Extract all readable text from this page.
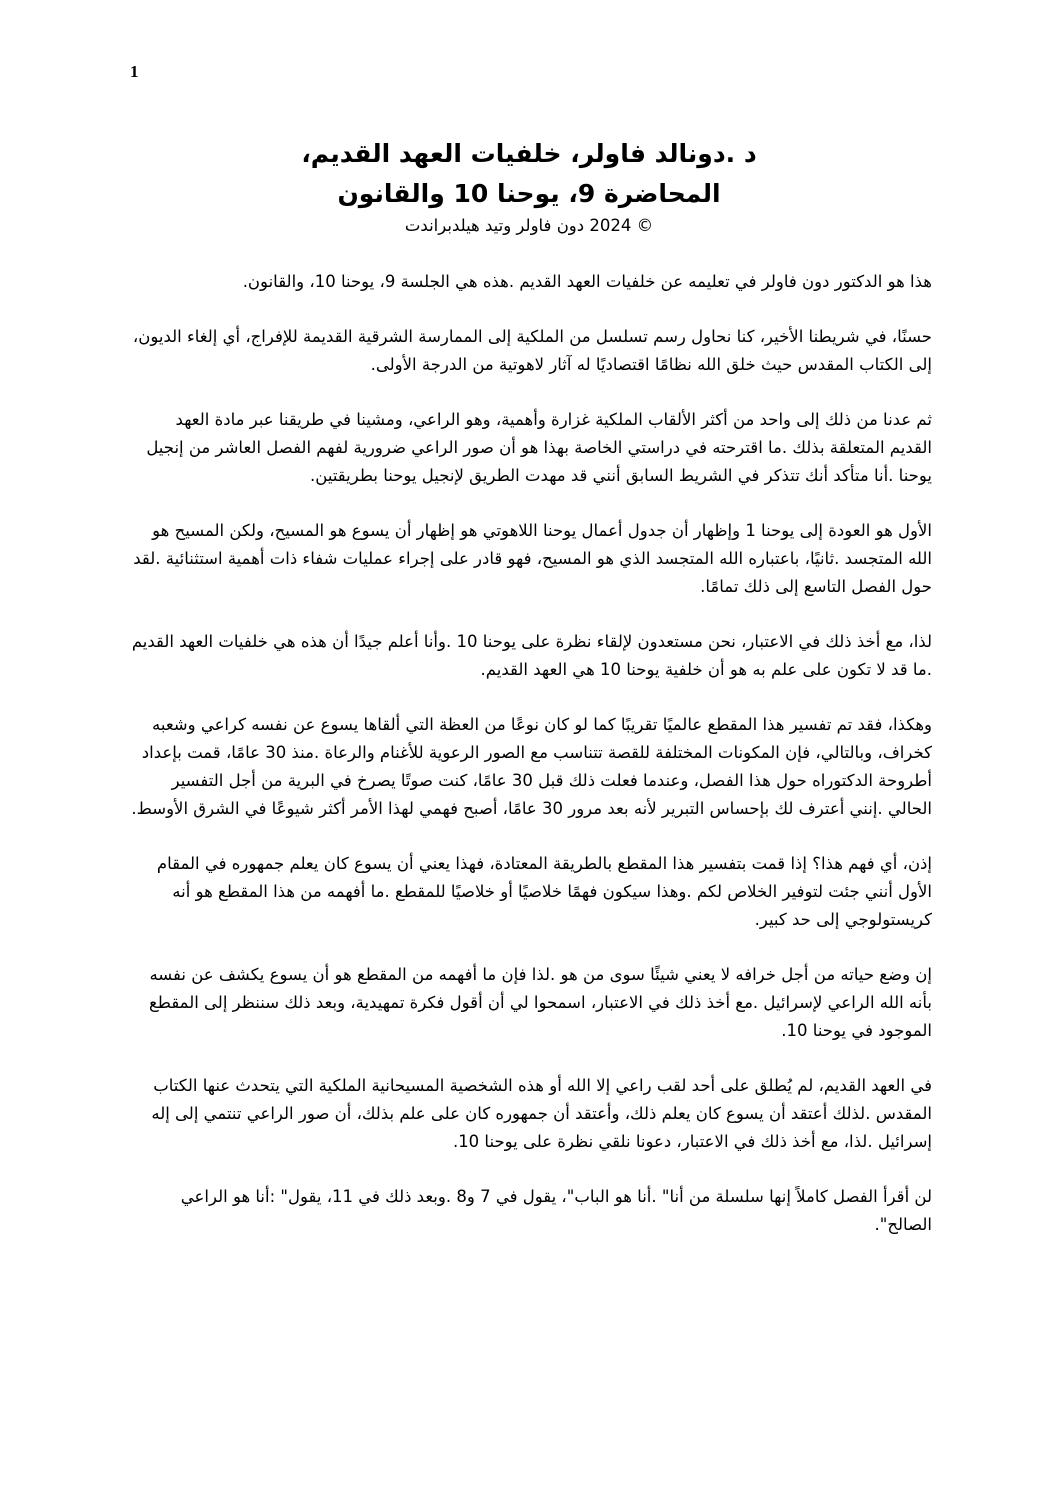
1

د .دونالد فاولر، خلفيات العهد القديم،

المحاضرة 9، يوحنا 10 والقانون

© 2024 دون فاولر وتيد هيلدبراندت

هذا هو الدكتور دون فاولر في تعليمه عن خلفيات العهد القديم .هذه هي الجلسة 9، يوحنا 10، والقانون.

حسنًا، في شريطنا الأخير، كنا نحاول رسم تسلسل من الملكية إلى الممارسة الشرقية القديمة للإفراج، أي إلغاء الديون، إلى الكتاب المقدس حيث خلق الله نظامًا اقتصاديًا له آثار لاهوتية من الدرجة الأولى.

ثم عدنا من ذلك إلى واحد من أكثر الألقاب الملكية غزارة وأهمية، وهو الراعي، ومشينا في طريقنا عبر مادة العهد القديم المتعلقة بذلك .ما اقترحته في دراستي الخاصة بهذا هو أن صور الراعي ضرورية لفهم الفصل العاشر من إنجيل يوحنا .أنا متأكد أنك تتذكر في الشريط السابق أنني قد مهدت الطريق لإنجيل يوحنا بطريقتين.

الأول هو العودة إلى يوحنا 1 وإظهار أن جدول أعمال يوحنا اللاهوتي هو إظهار أن يسوع هو المسيح، ولكن المسيح هو الله المتجسد .ثانيًا، باعتباره الله المتجسد الذي هو المسيح، فهو قادر على إجراء عمليات شفاء ذات أهمية استثنائية .لقد حول الفصل التاسع إلى ذلك تمامًا.

لذا، مع أخذ ذلك في الاعتبار، نحن مستعدون لإلقاء نظرة على يوحنا 10 .وأنا أعلم جيدًا أن هذه هي خلفيات العهد القديم .ما قد لا تكون على علم به هو أن خلفية يوحنا 10 هي العهد القديم.

وهكذا، فقد تم تفسير هذا المقطع عالميًا تقريبًا كما لو كان نوعًا من العظة التي ألقاها يسوع عن نفسه كراعي وشعبه كخراف، وبالتالي، فإن المكونات المختلفة للقصة تتناسب مع الصور الرعوية للأغنام والرعاة .منذ 30 عامًا، قمت بإعداد أطروحة الدكتوراه حول هذا الفصل، وعندما فعلت ذلك قبل 30 عامًا، كنت صوتًا يصرخ في البرية من أجل التفسير الحالي .إنني أعترف لك بإحساس التبرير لأنه بعد مرور 30 عامًا، أصبح فهمي لهذا الأمر أكثر شيوعًا في الشرق الأوسط.

إذن، أي فهم هذا؟ إذا قمت بتفسير هذا المقطع بالطريقة المعتادة، فهذا يعني أن يسوع كان يعلم جمهوره في المقام الأول أنني جئت لتوفير الخلاص لكم .وهذا سيكون فهمًا خلاصيًا أو خلاصيًا للمقطع .ما أفهمه من هذا المقطع هو أنه كريستولوجي إلى حد كبير.

إن وضع حياته من أجل خرافه لا يعني شيئًا سوى من هو .لذا فإن ما أفهمه من المقطع هو أن يسوع يكشف عن نفسه بأنه الله الراعي لإسرائيل .مع أخذ ذلك في الاعتبار، اسمحوا لي أن أقول فكرة تمهيدية، وبعد ذلك سننظر إلى المقطع الموجود في يوحنا 10.

في العهد القديم، لم يُطلق على أحد لقب راعي إلا الله أو هذه الشخصية المسيحانية الملكية التي يتحدث عنها الكتاب المقدس .لذلك أعتقد أن يسوع كان يعلم ذلك، وأعتقد أن جمهوره كان على علم بذلك، أن صور الراعي تنتمي إلى إله إسرائيل .لذا، مع أخذ ذلك في الاعتبار، دعونا نلقي نظرة على يوحنا 10.

لن أقرأ الفصل كاملاً إنها سلسلة من أنا" .أنا هو الباب"، يقول في 7 و8 .وبعد ذلك في 11، يقول" :أنا هو الراعي الصالح".
